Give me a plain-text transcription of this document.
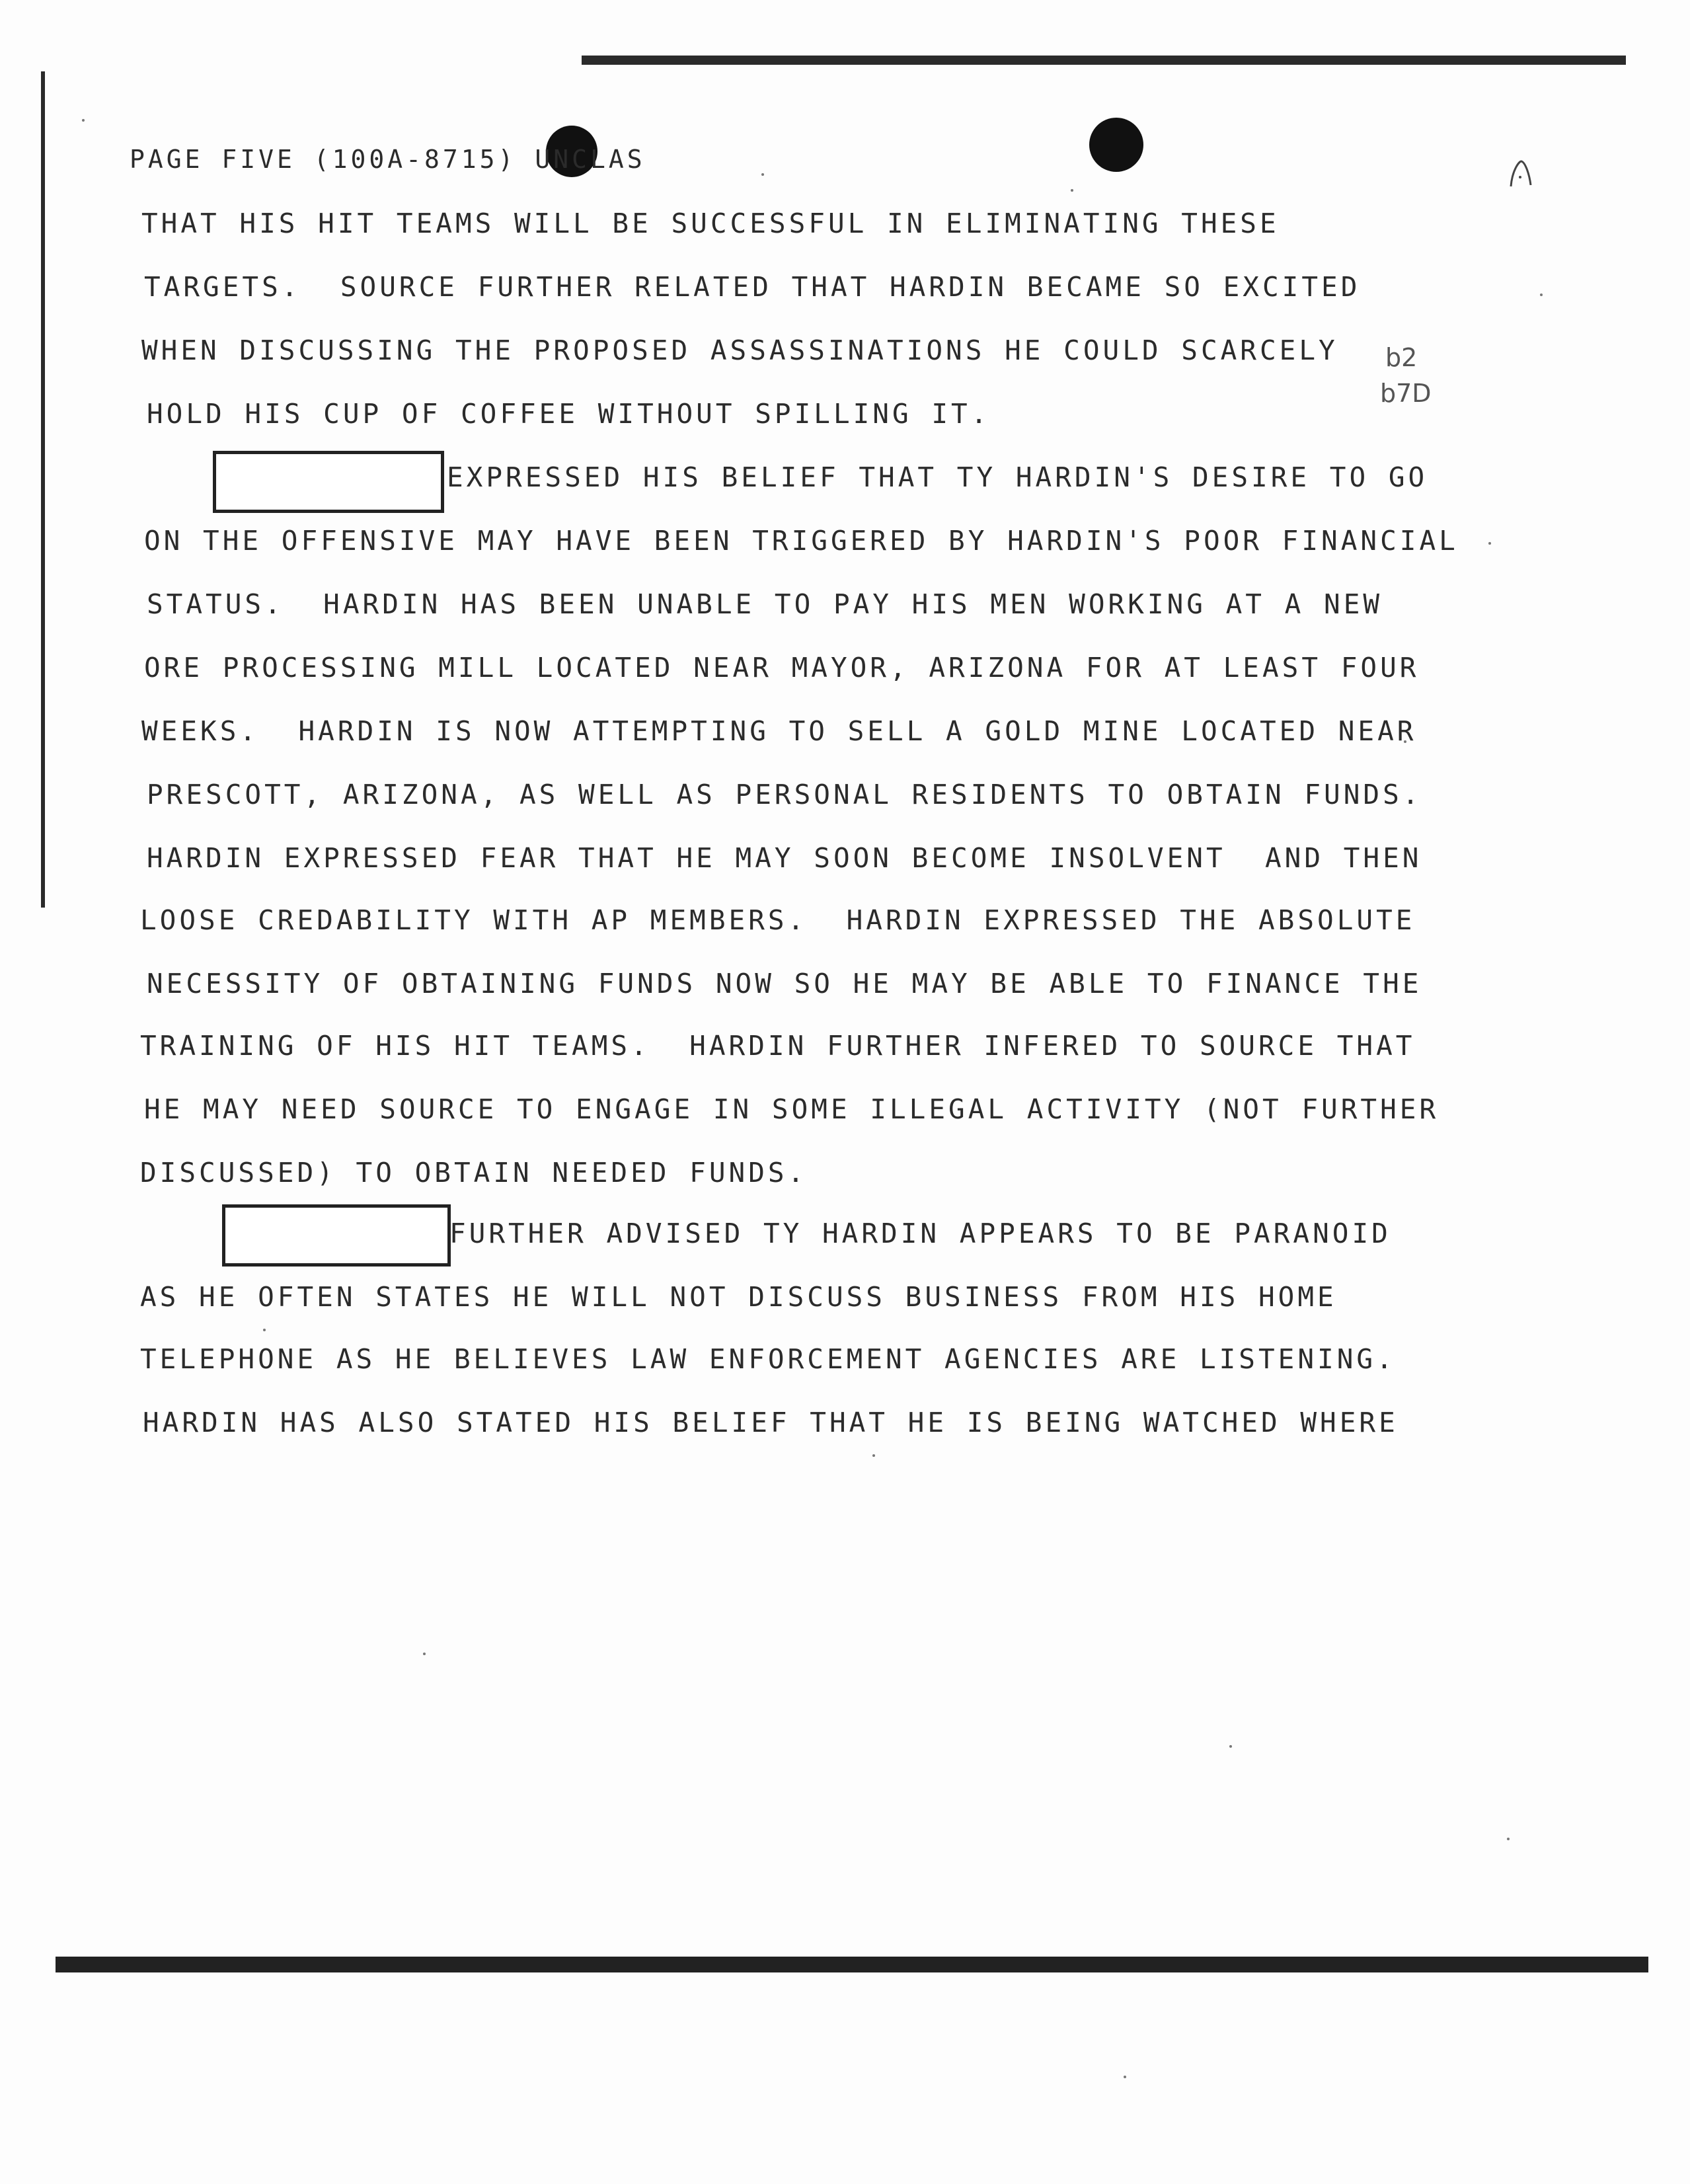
PAGE FIVE (100A-8715) UNCLAS
b2
b7D
THAT HIS HIT TEAMS WILL BE SUCCESSFUL IN ELIMINATING THESE
TARGETS.  SOURCE FURTHER RELATED THAT HARDIN BECAME SO EXCITED
WHEN DISCUSSING THE PROPOSED ASSASSINATIONS HE COULD SCARCELY
HOLD HIS CUP OF COFFEE WITHOUT SPILLING IT.
EXPRESSED HIS BELIEF THAT TY HARDIN'S DESIRE TO GO
ON THE OFFENSIVE MAY HAVE BEEN TRIGGERED BY HARDIN'S POOR FINANCIAL
STATUS.  HARDIN HAS BEEN UNABLE TO PAY HIS MEN WORKING AT A NEW
ORE PROCESSING MILL LOCATED NEAR MAYOR, ARIZONA FOR AT LEAST FOUR
WEEKS.  HARDIN IS NOW ATTEMPTING TO SELL A GOLD MINE LOCATED NEAR
PRESCOTT, ARIZONA, AS WELL AS PERSONAL RESIDENTS TO OBTAIN FUNDS.
HARDIN EXPRESSED FEAR THAT HE MAY SOON BECOME INSOLVENT  AND THEN
LOOSE CREDABILITY WITH AP MEMBERS.  HARDIN EXPRESSED THE ABSOLUTE
NECESSITY OF OBTAINING FUNDS NOW SO HE MAY BE ABLE TO FINANCE THE
TRAINING OF HIS HIT TEAMS.  HARDIN FURTHER INFERED TO SOURCE THAT
HE MAY NEED SOURCE TO ENGAGE IN SOME ILLEGAL ACTIVITY (NOT FURTHER
DISCUSSED) TO OBTAIN NEEDED FUNDS.
FURTHER ADVISED TY HARDIN APPEARS TO BE PARANOID
AS HE OFTEN STATES HE WILL NOT DISCUSS BUSINESS FROM HIS HOME
TELEPHONE AS HE BELIEVES LAW ENFORCEMENT AGENCIES ARE LISTENING.
HARDIN HAS ALSO STATED HIS BELIEF THAT HE IS BEING WATCHED WHERE
